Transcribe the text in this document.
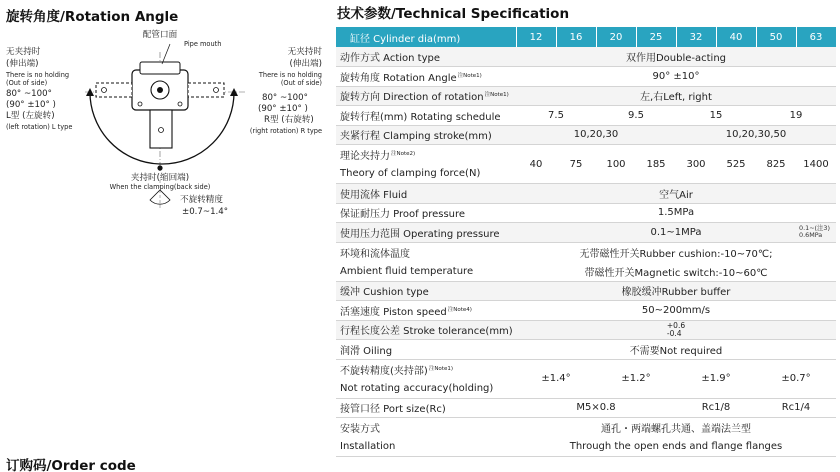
旋转角度/Rotation Angle	技术参数/Technical Specification
订购码/Order code
配管口面
Pipe mouth
无夹持时
(伸出端)
There is no holding
(Out of side)
80° ~100°
(90° ±10° )
L型 (左旋转)
(left rotation) L type
无夹持时
(伸出端)
There is no holding
(Out of side)
80° ~100°
(90° ±10° )
R型 (右旋转)
(right rotation) R type
夹持时(缩回端)
When the clamping(back side)
不旋转精度
±0.7~1.4°
缸径 Cylinder dia(mm)	12	16	20	25	32	40	50	63
动作方式 Action type	双作用Double-acting							
旋转角度 Rotation Angle$^{注Note1)}$	90° ±10°							
旋转方向 Direction of rotation$^{注Note1)}$	左,右Left, right							
旋转行程(mm) Rotating schedule	7.5		9.5		15		19	
夹紧行程 Clamping stroke(mm)	10,20,30				10,20,30,50			
理论夹持力$^{注Note2)}$	40	75	100	185	300	525	825	1400
Theory of clamping force(N)								
使用流体 Fluid	空气Air							
保证耐压力 Proof pressure	1.5MPa							
使用压力范围 Operating pressure	0.1~1MPa 0.1~(注3)
0.6MPa							

环境和流体温度	无带磁性开关Rubber cushion:-10~70℃;							
Ambient fluid temperature	带磁性开关Magnetic switch:-10~60℃							
缓冲 Cushion type	橡胶缓冲Rubber buffer							
活塞速度 Piston speed$^{注Note4)}$	50~200mm/s							
行程长度公差 Stroke tolerance(mm)	+0.6
-0.4							
润滑 Oiling	不需要Not required							
不旋转精度(夹持部)$^{注Note1)}$	±1.4°		±1.2°		±1.9°		±0.7°	
Not rotating accuracy(holding)								
接管口径 Port size(Rc)	M5×0.8				Rc1/8		Rc1/4	
安装方式	通孔・两端螺孔共通、盖端法兰型							
Installation	Through the open ends and flange flanges							
